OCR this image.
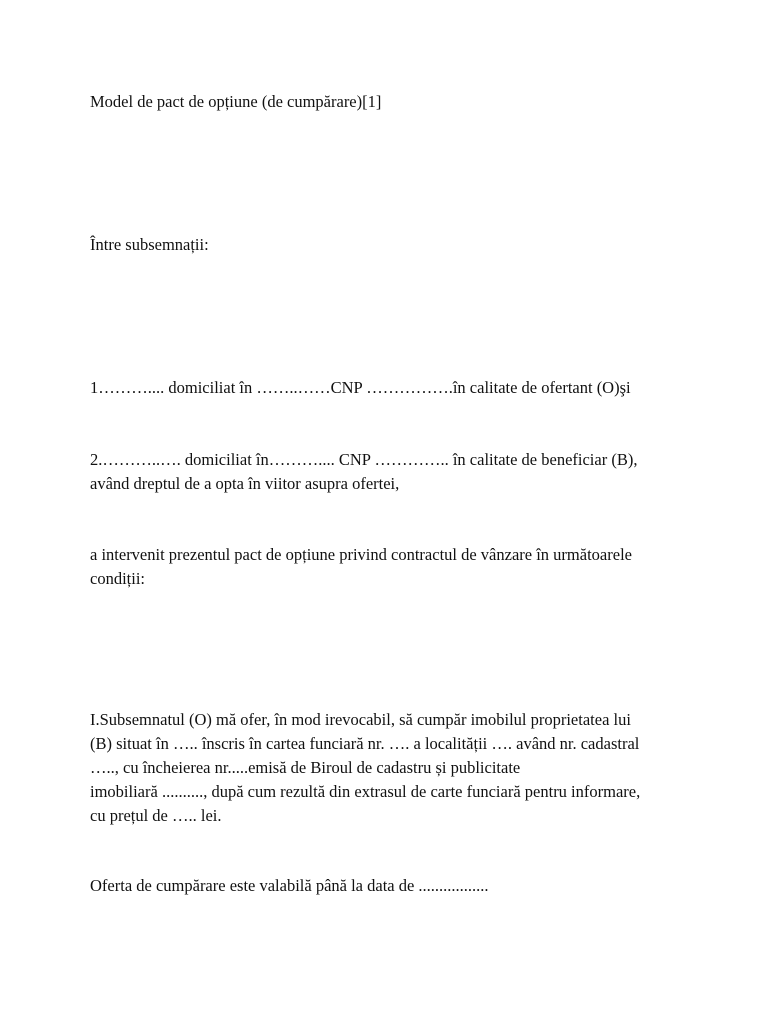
Model de pact de opțiune (de cumpărare)[1]

Între subsemnații:

1……….... domiciliat în ……..……CNP …………….în calitate de ofertant (O)şi

2.………..…. domiciliat în……….... CNP ………….. în calitate de beneficiar (B),

având dreptul de a opta în viitor asupra ofertei,

a intervenit prezentul pact de opțiune privind contractul de vânzare în următoarele

condiții:

I.Subsemnatul (O) mă ofer, în mod irevocabil, să cumpăr imobilul proprietatea lui

(B) situat în ….. înscris în cartea funciară nr. …. a localității …. având nr. cadastral

….., cu încheierea nr.....emisă de Biroul de cadastru și publicitate

imobiliară .........., după cum rezultă din extrasul de carte funciară pentru informare,

cu prețul de ….. lei.

Oferta de cumpărare este valabilă până la data de .................
